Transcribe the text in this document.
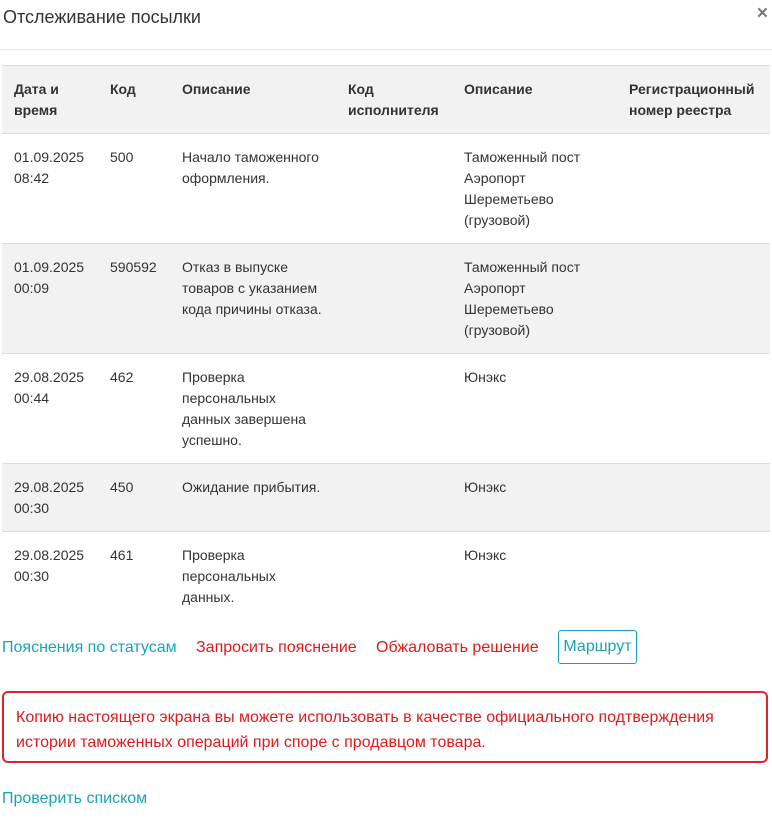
Отслеживание посылки	×
Дата и время	Код	Описание	Код исполнителя	Описание	Регистрационный номер реестра
01.09.2025 08:42	500	Начало таможенного оформления.		Таможенный пост Аэропорт Шереметьево (грузовой)	
01.09.2025 00:09	590592	Отказ в выпуске товаров с указанием кода причины отказа.		Таможенный пост Аэропорт Шереметьево (грузовой)	
29.08.2025 00:44	462	Проверка персональных данных завершена успешно.		Юнэкс	
29.08.2025 00:30	450	Ожидание прибытия.		Юнэкс	
29.08.2025 00:30	461	Проверка персональных данных.		Юнэкс	
Пояснения по статусам Запросить пояснение Обжаловать решение	Маршрут
Копию настоящего экрана вы можете использовать в качестве официального подтверждения истории таможенных операций при споре с продавцом товара.
Проверить списком
